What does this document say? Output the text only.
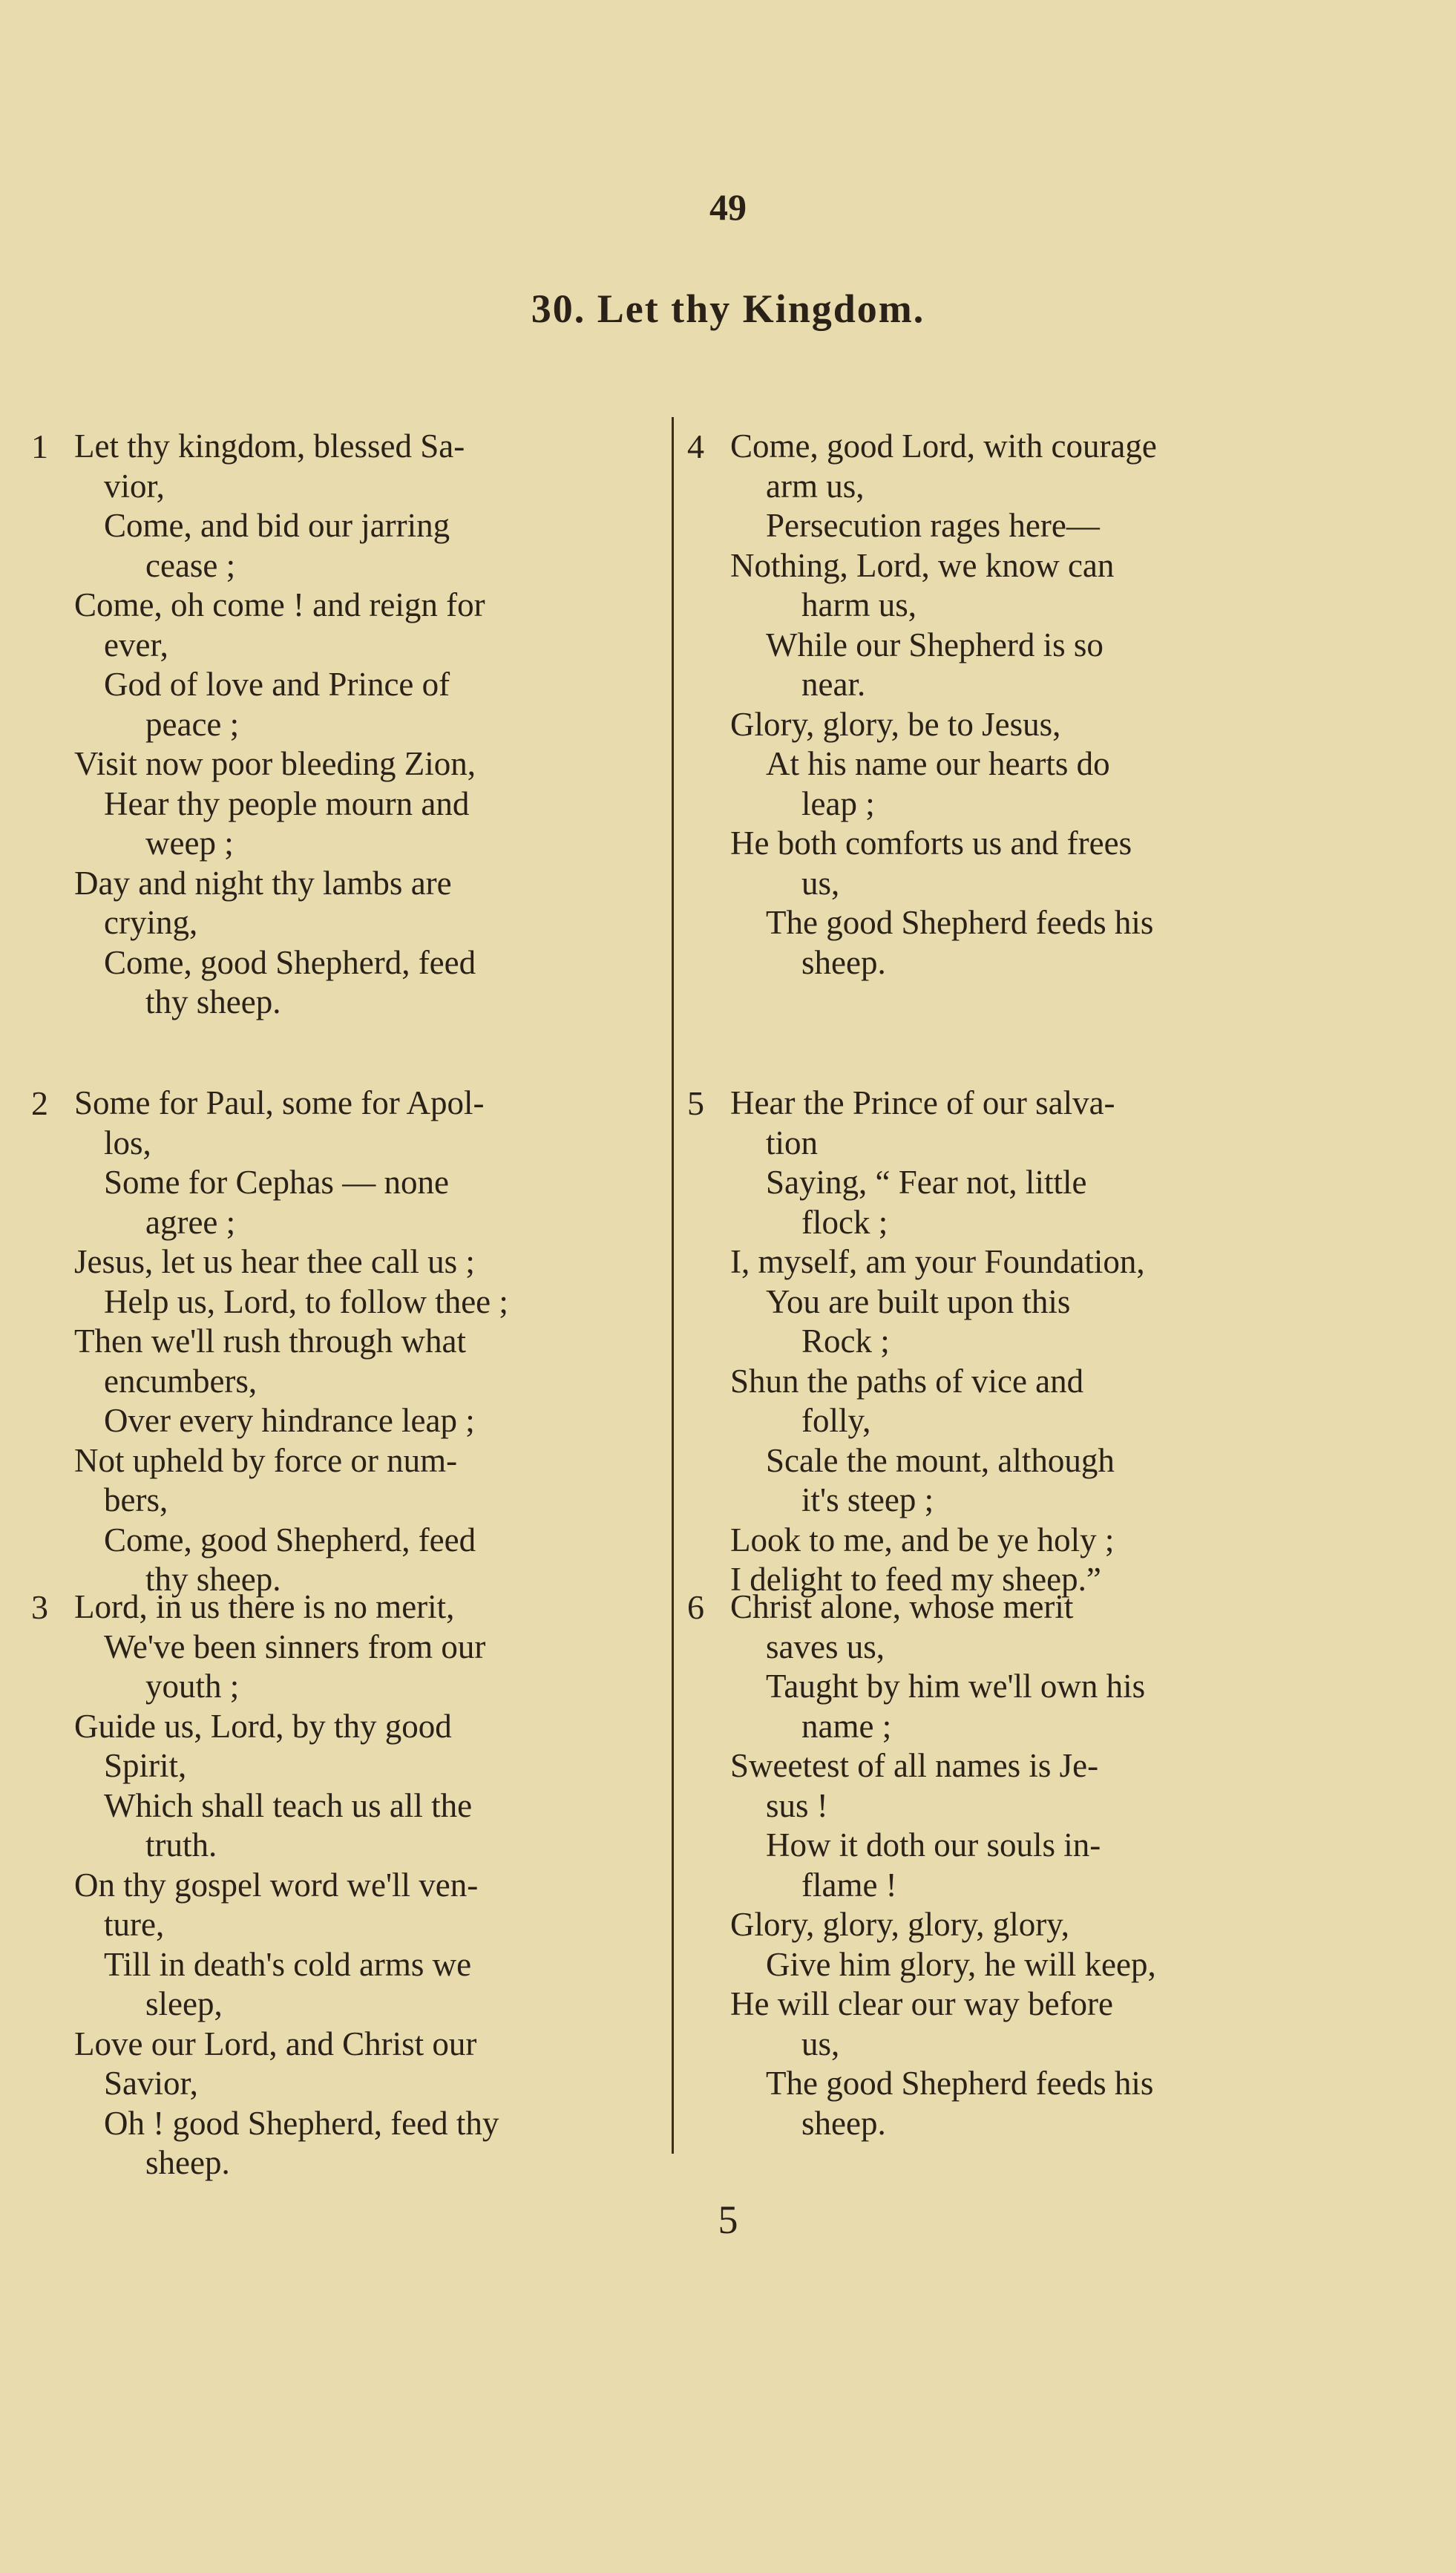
49
30. Let thy Kingdom.
1 Let thy kingdom, blessed Sa-
vior,
Come, and bid our jarring
cease ;
Come, oh come ! and reign for
ever,
God of love and Prince of
peace ;
Visit now poor bleeding Zion,
Hear thy people mourn and
weep ;
Day and night thy lambs are
crying,
Come, good Shepherd, feed
thy sheep.
2 Some for Paul, some for Apol-
los,
Some for Cephas — none
agree ;
Jesus, let us hear thee call us ;
Help us, Lord, to follow thee ;
Then we'll rush through what
encumbers,
Over every hindrance leap ;
Not upheld by force or num-
bers,
Come, good Shepherd, feed
thy sheep.
3 Lord, in us there is no merit,
We've been sinners from our
youth ;
Guide us, Lord, by thy good
Spirit,
Which shall teach us all the
truth.
On thy gospel word we'll ven-
ture,
Till in death's cold arms we
sleep,
Love our Lord, and Christ our
Savior,
Oh ! good Shepherd, feed thy
sheep.
4 Come, good Lord, with courage
arm us,
Persecution rages here—
Nothing, Lord, we know can
harm us,
While our Shepherd is so
near.
Glory, glory, be to Jesus,
At his name our hearts do
leap ;
He both comforts us and frees
us,
The good Shepherd feeds his
sheep.
5 Hear the Prince of our salva-
tion
Saying, “ Fear not, little
flock ;
I, myself, am your Foundation,
You are built upon this
Rock ;
Shun the paths of vice and
folly,
Scale the mount, although
it's steep ;
Look to me, and be ye holy ;
I delight to feed my sheep.”
6 Christ alone, whose merit
saves us,
Taught by him we'll own his
name ;
Sweetest of all names is Je-
sus !
How it doth our souls in-
flame !
Glory, glory, glory, glory,
Give him glory, he will keep,
He will clear our way before
us,
The good Shepherd feeds his
sheep.
5
